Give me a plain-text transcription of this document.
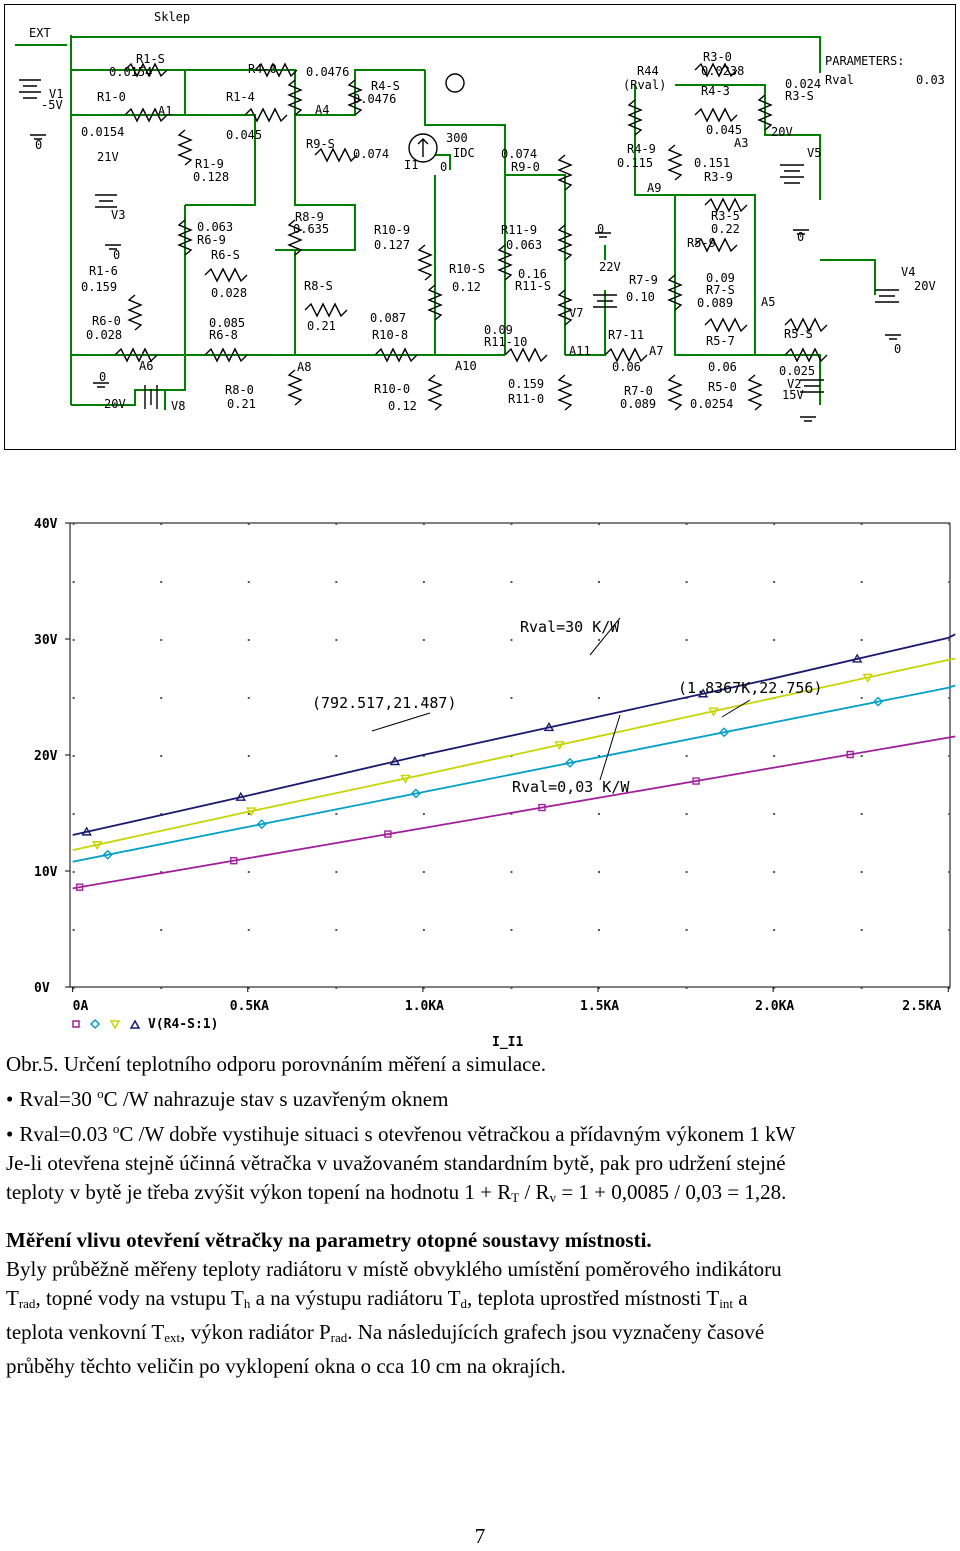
EXT
Sklep
PARAMETERS:
Rval	0.03
V1
-5V
0
R1-S
0.0154
R1-0
A1
0.0154
21V
V3
0
R4-0 0.0476
R4-S
0.0476
R1-4
A4
0.045
R9-S
R1-9
0.128
300
IDC
0.074
I1 0
0.074
R9-0
R3-0
0.0238
R44
(Rval)	R4-3	0.024
R3-S
0.045
A3
20V
V5
R4-9
0.115	0.151
R3-9
A9
0
R8-9
0.635
0.063
R6-9
R10-9
0.127
R11-9
0.063
0
R3-5
0.22
R5-9
R6-S
R1-6
0.159	0.028	R8-S
R10-S
0.12
0.16
R11-S
22V
R7-9
0.10
0.09
R7-S
0.089 A5
V4
20V
0
R6-0
0.028
0.085
R6-8
0.21
0.087
R10-8	0.09
R11-10
V7
R7-11	R5-7	R5-S
A11	A7
A6
0
R8-0
A8
R10-0
A10
0.159
0.06	0.06	0.025
V2
15V
20V	V8	0.21	0.12	R11-0
R7-0
0.089
R5-0
0.0254
0A	0.5KA	1.0KA	1.5KA	2.0KA	2.5KA
0V
10V
20V
30V
40V
Rval=30 K/W
(792.517,21.487)
(1.8367K,22.756)
Rval=0,03 K/W
V(R4-S:1)
I_I1

Obr.5. Určení teplotního odporu porovnáním měření a simulace.

• Rval=30 $^o$C /W nahrazuje stav s uzavřeným oknem

• Rval=0.03 $^o$C /W dobře vystihuje situaci s otevřenou větračkou a přídavným výkonem 1 kW

Je-li otevřena stejně účinná větračka v uvažovaném standardním bytě, pak pro udržení stejné

teploty v bytě je třeba zvýšit výkon topení na hodnotu $1 + R_T / R_v = 1 + 0,0085 / 0,03 = 1,28$.

Měření vlivu otevření větračky na parametry otopné soustavy místnosti.

Byly průběžně měřeny teploty radiátoru v místě obvyklého umístění poměrového indikátoru

$T_{rad}$, topné vody na vstupu $T_h$ a na výstupu radiátoru $T_d$, teplota uprostřed místnosti $T_{int}$ a

teplota venkovní $T_{ext}$, výkon radiátor $P_{rad}$. Na následujících grafech jsou vyznačeny časové

průběhy těchto veličin po vyklopení okna o cca 10 cm na okrajích.

7
